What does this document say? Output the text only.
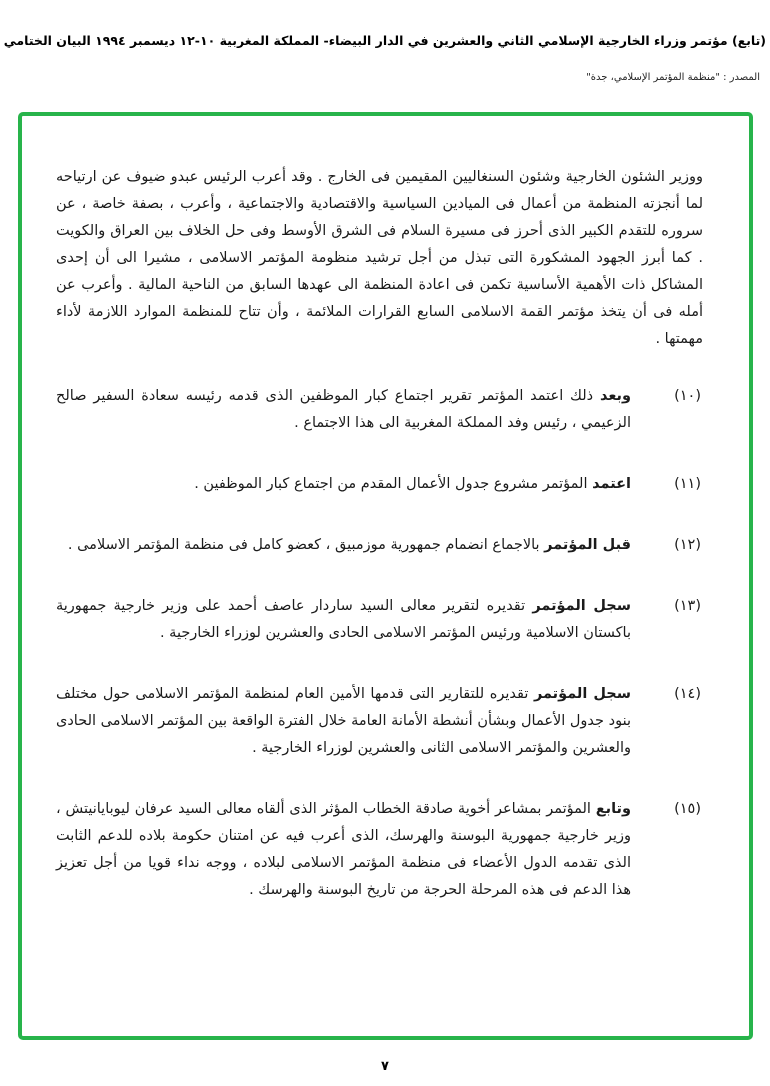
(تابع) مؤتمر وزراء الخارجية الإسلامي الثاني والعشرين في الدار البيضاء- المملكة المغربية ١٠-١٢ ديسمبر ١٩٩٤ البيان الختامي
المصدر : "منظمة المؤتمر الإسلامي، جدة"
ووزير الشئون الخارجية وشئون السنغاليين المقيمين فى الخارج . وقد أعرب الرئيس عبدو ضيوف عن ارتياحه لما أنجزته المنظمة من أعمال فى الميادين السياسية والاقتصادية والاجتماعية ، وأعرب ، بصفة خاصة ، عن سروره للتقدم الكبير الذى أحرز فى مسيرة السلام فى الشرق الأوسط وفى حل الخلاف بين العراق والكويت . كما أبرز الجهود المشكورة التى تبذل من أجل ترشيد منظومة المؤتمر الاسلامى ، مشيرا الى أن إحدى المشاكل ذات الأهمية الأساسية تكمن فى اعادة المنظمة الى عهدها السابق من الناحية المالية . وأعرب عن أمله فى أن يتخذ مؤتمر القمة الاسلامى السابع القرارات الملائمة ، وأن تتاح للمنظمة الموارد اللازمة لأداء مهمتها .
(١٠)
وبعد ذلك اعتمد المؤتمر تقرير اجتماع كبار الموظفين الذى قدمه رئيسه سعادة السفير صالح الزعيمي ، رئيس وفد المملكة المغربية الى هذا الاجتماع .
(١١)
اعتمد المؤتمر مشروع جدول الأعمال المقدم من اجتماع كبار الموظفين .
(١٢)
قبل المؤتمر بالاجماع انضمام جمهورية موزمبيق ، كعضو كامل فى منظمة المؤتمر الاسلامى .
(١٣)
سجل المؤتمر تقديره لتقرير معالى السيد ساردار عاصف أحمد على وزير خارجية جمهورية باكستان الاسلامية ورئيس المؤتمر الاسلامى الحادى والعشرين لوزراء الخارجية .
(١٤)
سجل المؤتمر تقديره للتقارير التى قدمها الأمين العام لمنظمة المؤتمر الاسلامى حول مختلف بنود جدول الأعمال وبشأن أنشطة الأمانة العامة خلال الفترة الواقعة بين المؤتمر الاسلامى الحادى والعشرين والمؤتمر الاسلامى الثانى والعشرين لوزراء الخارجية .
(١٥)
وتابع المؤتمر بمشاعر أخوية صادقة الخطاب المؤثر الذى ألقاه معالى السيد عرفان ليوبايانيتش ، وزير خارجية جمهورية البوسنة والهرسك، الذى أعرب فيه عن امتنان حكومة بلاده للدعم الثابت الذى تقدمه الدول الأعضاء فى منظمة المؤتمر الاسلامى لبلاده ، ووجه نداء قويا من أجل تعزيز هذا الدعم فى هذه المرحلة الحرجة من تاريخ البوسنة والهرسك .
٧
